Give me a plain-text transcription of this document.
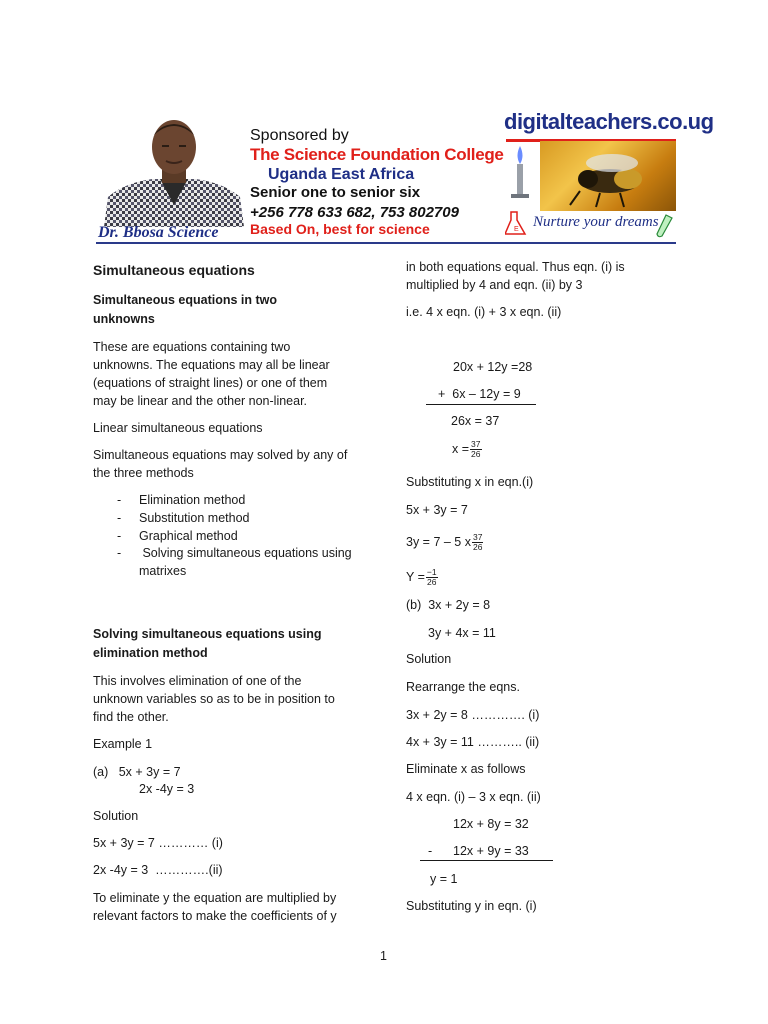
Dr. Bbosa Science
Sponsored by
The Science Foundation College
Uganda East Africa
Senior one to senior six
+256 778 633 682, 753 802709
Based On, best for science
digitalteachers.co.ug
E Nurture your dreams
Simultaneous equations
Simultaneous equations in two
unknowns
These are equations containing two
unknowns. The equations may all be linear
(equations of straight lines) or one of them
may be linear and the other non-linear.
Linear simultaneous equations
Simultaneous equations may solved by any of
the three methods
- Elimination method
- Substitution method
- Graphical method
- Solving simultaneous equations using
matrixes
Solving simultaneous equations using
elimination method
This involves elimination of one of the
unknown variables so as to be in position to
find the other.
Example 1
(a)   5x + 3y = 7
2x -4y = 3
Solution
5x + 3y = 7 ………… (i)
2x -4y = 3  ………….(ii)
To eliminate y the equation are multiplied by
relevant factors to make the coefficients of y
in both equations equal. Thus eqn. (i) is
multiplied by 4 and eqn. (ii) by 3
i.e. 4 x eqn. (i) + 3 x eqn. (ii)
20x + 12y =28
+  6x – 12y = 9
26x = 37
$x = \frac{37}{26}$
Substituting x in eqn.(i)
5x + 3y = 7
3y = 7 – 5 x $\frac{37}{26}$
$Y = \frac{-1}{26}$
(b)  3x + 2y = 8
3y + 4x = 11
Solution
Rearrange the eqns.
3x + 2y = 8 …………. (i)
4x + 3y = 11 ……….. (ii)
Eliminate x as follows
4 x eqn. (i) – 3 x eqn. (ii)
12x + 8y = 32
-      12x + 9y = 33
y = 1
Substituting y in eqn. (i)
1
